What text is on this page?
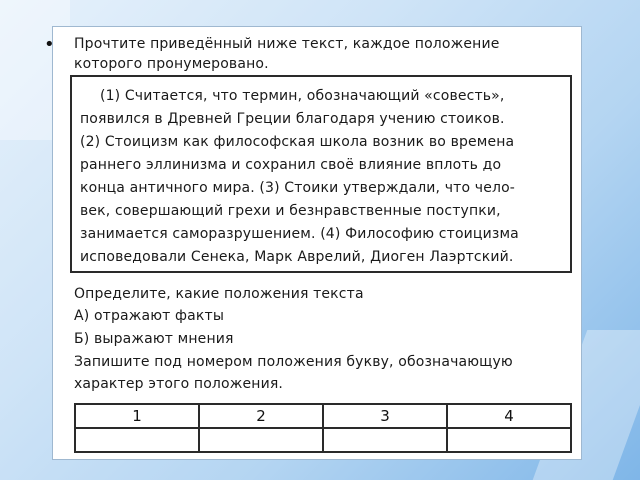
• Прочтите приведённый ниже текст, каждое положение
которого пронумеровано.
(1) Считается, что термин, обозначающий «совесть»,
появился в Древней Греции благодаря учению стоиков.
(2) Стоицизм как философская школа возник во времена
раннего эллинизма и сохранил своё влияние вплоть до
конца античного мира. (3) Стоики утверждали, что чело-
век, совершающий грехи и безнравственные поступки,
занимается саморазрушением. (4) Философию стоицизма
исповедовали Сенека, Марк Аврелий, Диоген Лаэртский.
Определите, какие положения текста
А) отражают факты
Б) выражают мнения
Запишите под номером положения букву, обозначающую
характер этого положения.
1	2	3	4
